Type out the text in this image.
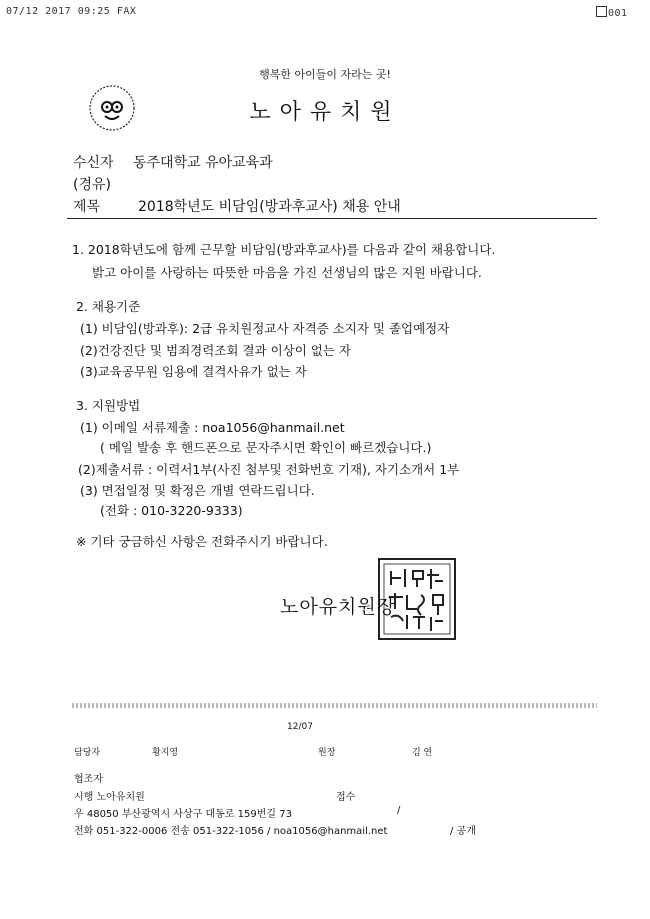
07/12 2017 09:25 FAX	001
행복한 아이들이 자라는 곳!
노아유치원
수신자 동주대학교 유아교육과
(경유)
제목	2018학년도 비담임(방과후교사) 채용 안내
1. 2018학년도에 함께 근무할 비담임(방과후교사)를 다음과 같이 채용합니다.
밝고 아이를 사랑하는 따뜻한 마음을 가진 선생님의 많은 지원 바랍니다.
2. 채용기준
(1) 비담임(방과후): 2급 유치원정교사 자격증 소지자 및 졸업예정자
(2)건강진단 및 범죄경력조회 결과 이상이 없는 자
(3)교육공무원 임용에 결격사유가 없는 자
3. 지원방법
(1) 이메일 서류제출 : noa1056@hanmail.net
( 메일 발송 후 핸드폰으로 문자주시면 확인이 빠르겠습니다.)
(2)제출서류 : 이력서1부(사진 첨부및 전화번호 기재), 자기소개서 1부
(3) 면접일정 및 확정은 개별 연락드립니다.
(전화 : 010-3220-9333)
※ 기타 궁금하신 사항은 전화주시기 바랍니다.
노아유치원장
12/07
담당자	황지영	원장	김 연
협조자
시행 노아유치원	접수
우 48050 부산광역시 사상구 대동로 159번길 73	/
전화 051-322-0006 전송 051-322-1056 / noa1056@hanmail.net	/ 공개
